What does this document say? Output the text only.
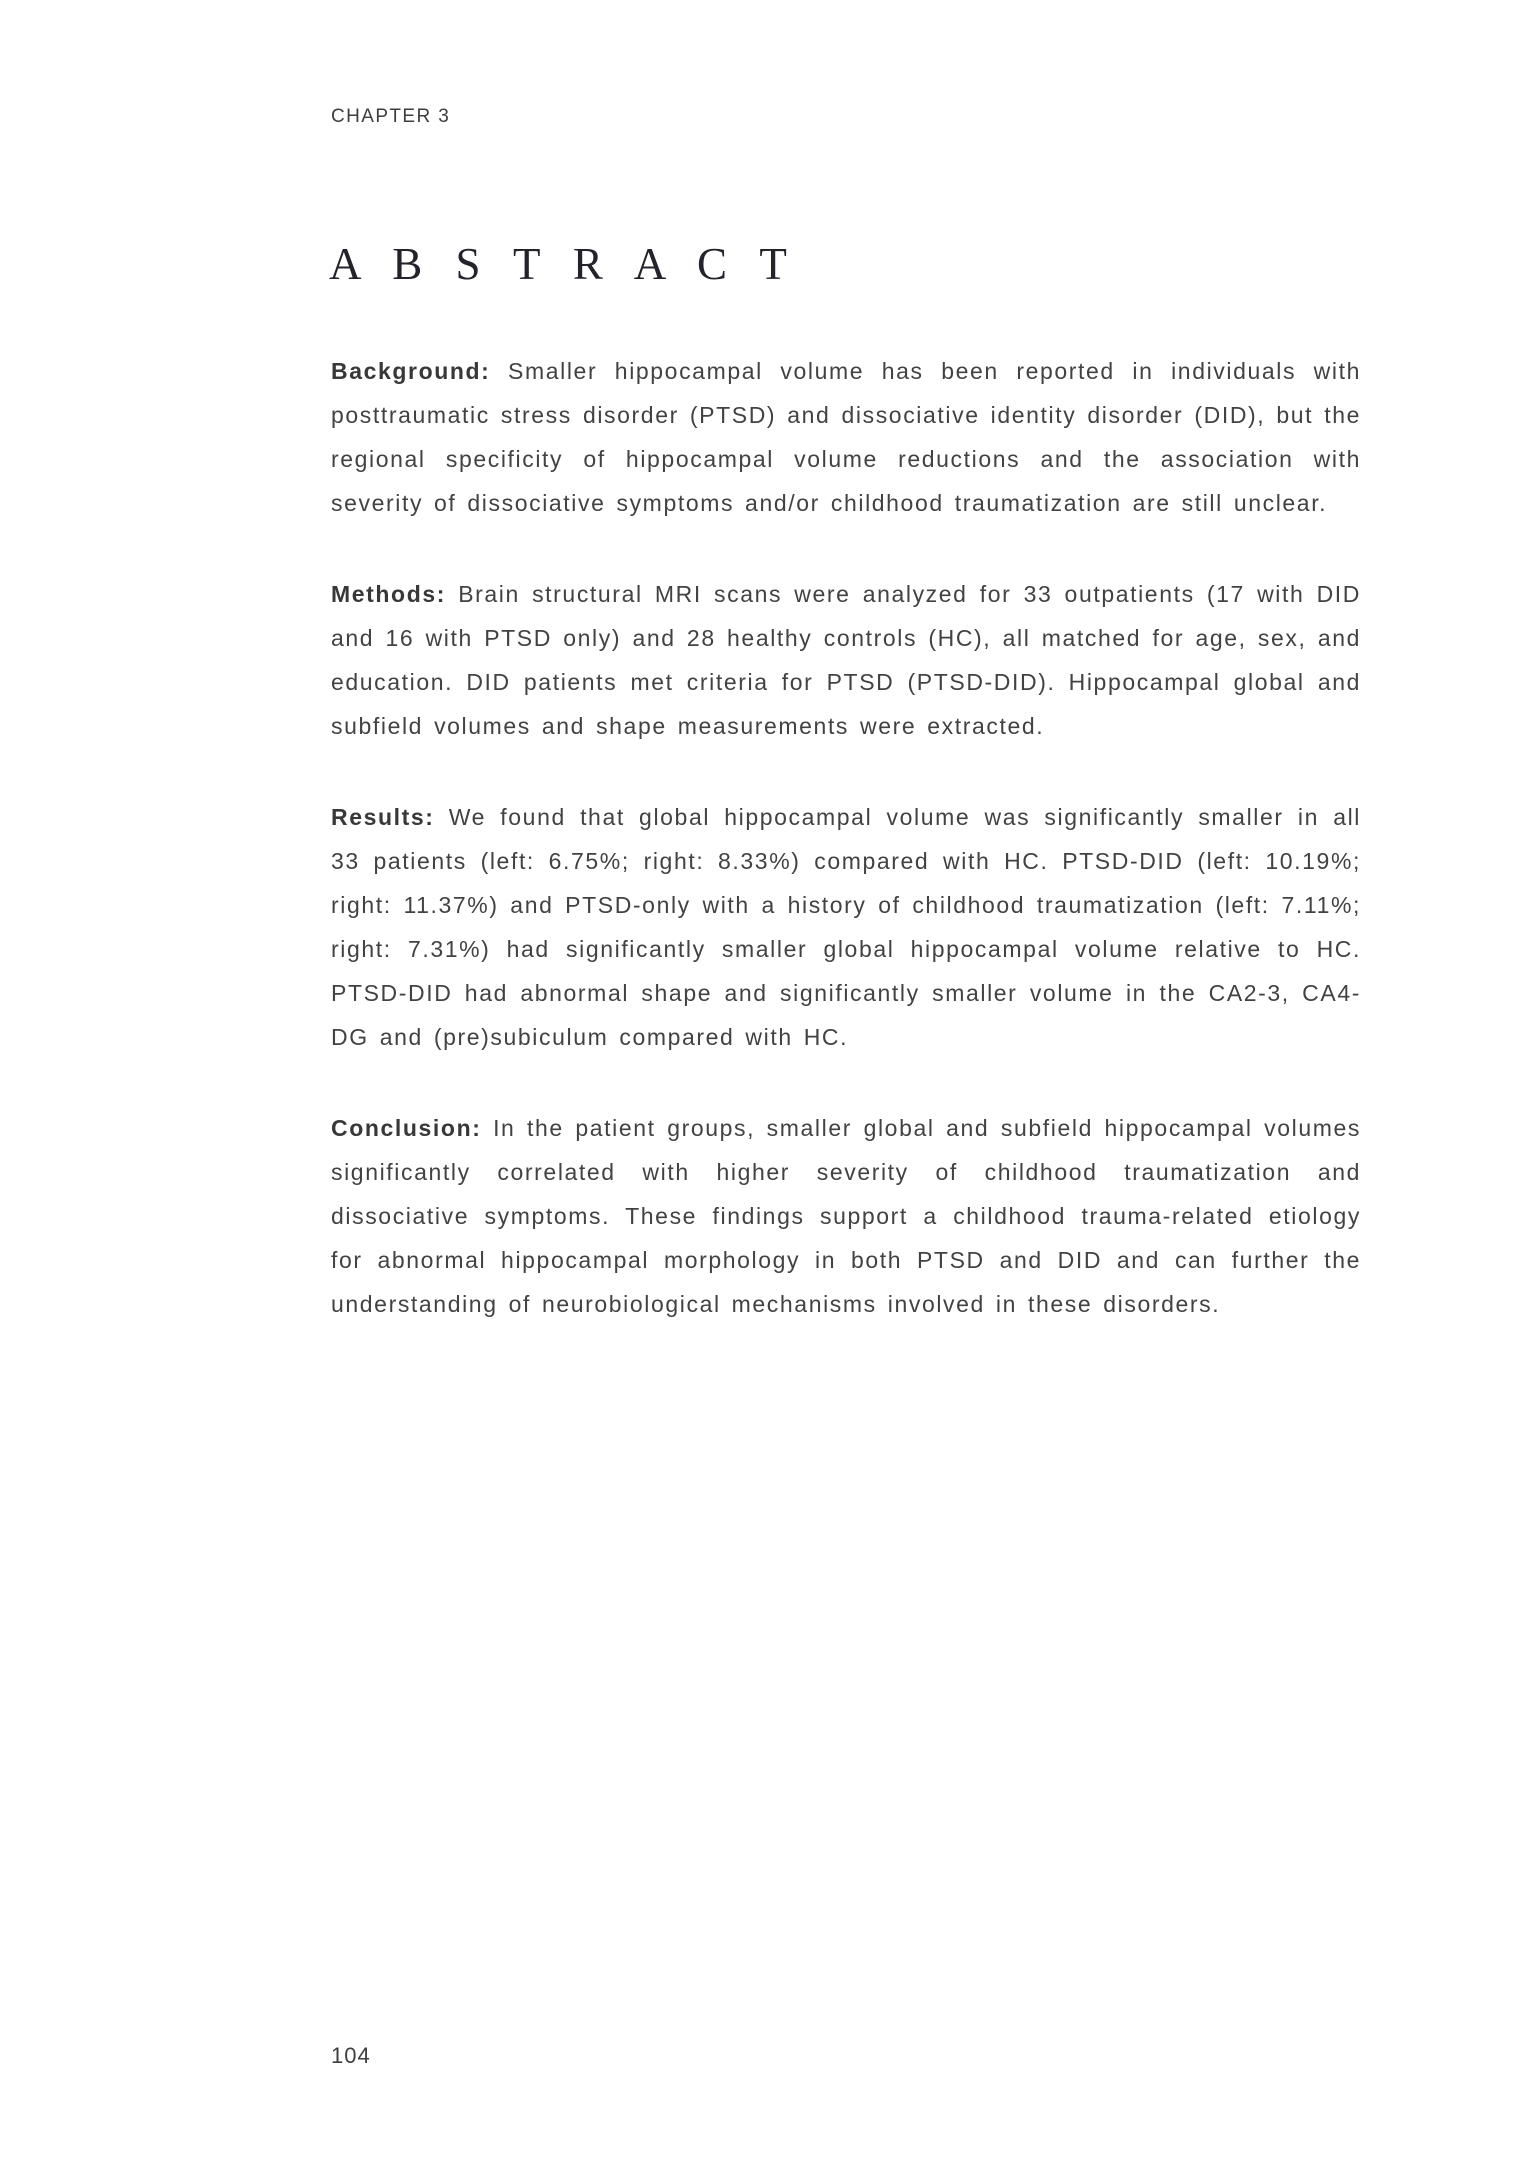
CHAPTER 3
A B S T R A C T

Background: Smaller hippocampal volume has been reported in individuals with posttraumatic stress disorder (PTSD) and dissociative identity disorder (DID), but the regional specificity of hippocampal volume reductions and the association with severity of dissociative symptoms and/or childhood traumatization are still unclear.

Methods: Brain structural MRI scans were analyzed for 33 outpatients (17 with DID and 16 with PTSD only) and 28 healthy controls (HC), all matched for age, sex, and education. DID patients met criteria for PTSD (PTSD-DID). Hippocampal global and subfield volumes and shape measurements were extracted.

Results: We found that global hippocampal volume was significantly smaller in all 33 patients (left: 6.75%; right: 8.33%) compared with HC. PTSD-DID (left: 10.19%; right: 11.37%) and PTSD-only with a history of childhood traumatization (left: 7.11%; right: 7.31%) had significantly smaller global hippocampal volume relative to HC. PTSD-DID had abnormal shape and significantly smaller volume in the CA2-3, CA4-DG and (pre)subiculum compared with HC.

Conclusion: In the patient groups, smaller global and subfield hippocampal volumes significantly correlated with higher severity of childhood traumatization and dissociative symptoms. These findings support a childhood trauma-related etiology for abnormal hippocampal morphology in both PTSD and DID and can further the understanding of neurobiological mechanisms involved in these disorders.

104
